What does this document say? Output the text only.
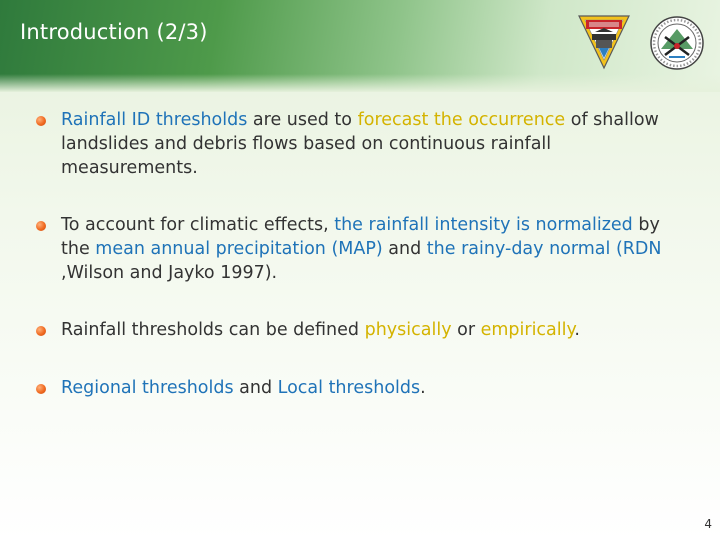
Introduction (2/3)
Rainfall ID thresholds are used to forecast the occurrence of shallow landslides and debris flows based on continuous rainfall measurements.
To account for climatic effects, the rainfall intensity is normalized by the mean annual precipitation (MAP) and the rainy-day normal (RDN ,Wilson and Jayko 1997).
Rainfall thresholds can be defined physically or empirically.
Regional thresholds and Local thresholds.
4
